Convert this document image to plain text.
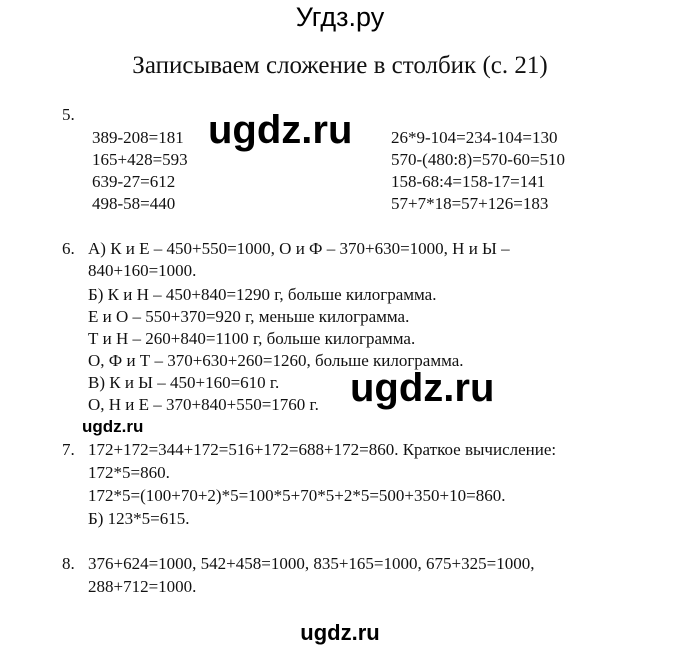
Угдз.ру
Записываем сложение в столбик (с. 21)
5.
389-208=181
165+428=593
639-27=612
498-58=440
26*9-104=234-104=130
570-(480:8)=570-60=510
158-68:4=158-17=141
57+7*18=57+126=183
ugdz.ru
6. А) К и Е – 450+550=1000, О и Ф – 370+630=1000, Н и Ы –
840+160=1000.
Б) К и Н – 450+840=1290 г, больше килограмма.
Е и О – 550+370=920 г, меньше килограмма.
Т и Н – 260+840=1100 г, больше килограмма.
О, Ф и Т – 370+630+260=1260, больше килограмма.
В) К и Ы – 450+160=610 г.
О, Н и Е – 370+840+550=1760 г. ugdz.ru
ugdz.ru
7. 172+172=344+172=516+172=688+172=860. Краткое вычисление:
172*5=860.
172*5=(100+70+2)*5=100*5+70*5+2*5=500+350+10=860.
Б) 123*5=615.
8. 376+624=1000, 542+458=1000, 835+165=1000, 675+325=1000,
288+712=1000.
ugdz.ru
